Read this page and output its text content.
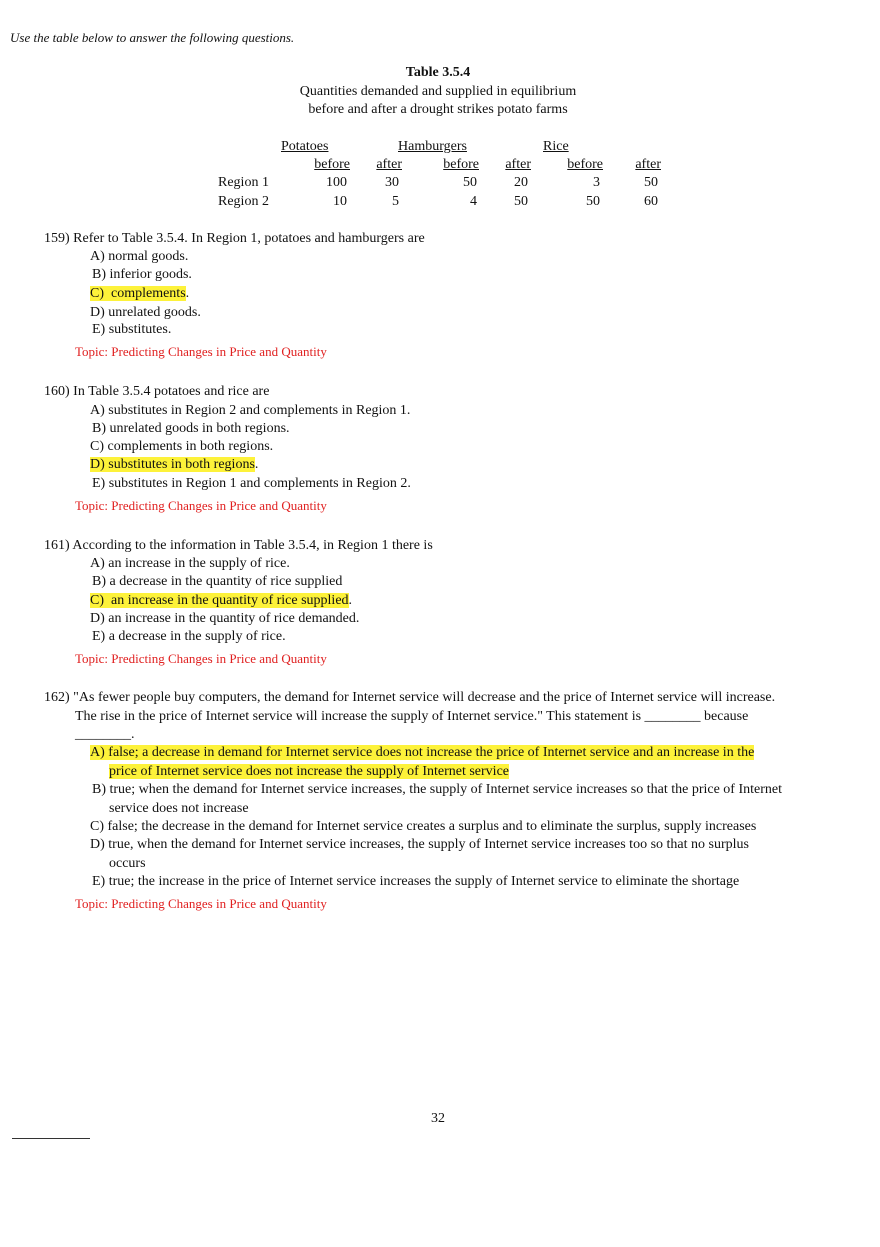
Use the table below to answer the following questions.
Table 3.5.4
Quantities demanded and supplied in equilibrium
before and after a drought strikes potato farms
Potatoes	Hamburgers	Rice
before	after	before	after	before	after
Region 1	100	30	50	20	3	50
Region 2	10	5	4	50	50	60
159) Refer to Table 3.5.4. In Region 1, potatoes and hamburgers are
A) normal goods.
B) inferior goods.
C) complements.
D) unrelated goods.
E) substitutes.
Topic: Predicting Changes in Price and Quantity
160) In Table 3.5.4 potatoes and rice are
A) substitutes in Region 2 and complements in Region 1.
B) unrelated goods in both regions.
C) complements in both regions.
D) substitutes in both regions.
E) substitutes in Region 1 and complements in Region 2.
Topic: Predicting Changes in Price and Quantity
161) According to the information in Table 3.5.4, in Region 1 there is
A) an increase in the supply of rice.
B) a decrease in the quantity of rice supplied
C) an increase in the quantity of rice supplied.
D) an increase in the quantity of rice demanded.
E) a decrease in the supply of rice.
Topic: Predicting Changes in Price and Quantity
162) "As fewer people buy computers, the demand for Internet service will decrease and the price of Internet service will increase.
The rise in the price of Internet service will increase the supply of Internet service." This statement is ________ because
________.
A) false; a decrease in demand for Internet service does not increase the price of Internet service and an increase in the
price of Internet service does not increase the supply of Internet service
B) true; when the demand for Internet service increases, the supply of Internet service increases so that the price of Internet
service does not increase
C) false; the decrease in the demand for Internet service creates a surplus and to eliminate the surplus, supply increases
D) true, when the demand for Internet service increases, the supply of Internet service increases too so that no surplus
occurs
E) true; the increase in the price of Internet service increases the supply of Internet service to eliminate the shortage
Topic: Predicting Changes in Price and Quantity
32
